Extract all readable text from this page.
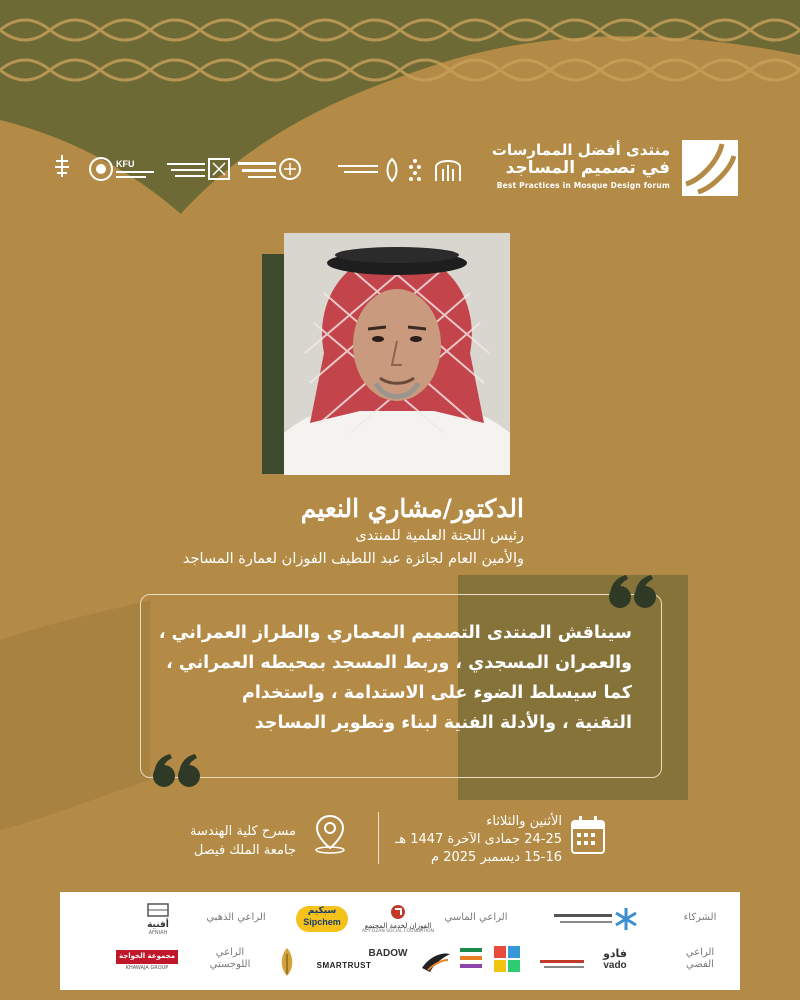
منتدى أفضل الممارسات
في تصميم المساجد
Best Practices in Mosque Design forum
KFU
الدكتور/مشاري النعيم
رئيس اللجنة العلمية للمنتدى
والأمين العام لجائزة عبد اللطيف الفوزان لعمارة المساجد
سيناقش المنتدى التصميم المعماري والطراز العمراني ،
والعمران المسجدي ، وربط المسجد بمحيطه العمراني ،
كما سيسلط الضوء على الاستدامة ، واستخدام
التقنية ، والأدلة الفنية لبناء وتطوير المساجد
الأثنين والثلاثاء
24-25 جمادى الآخرة 1447 هـ
15-16 ديسمبر 2025 م
مسرح كلية الهندسة
جامعة الملك فيصل
الشركاء
الراعي الفضي
الراعي الماسي
الراعي الذهبي
الراعي اللوجستي
الفوزان لخدمة المجتمع
AL FOZAN SOCIAL FOUNDATION
سبكيم
Sipchem
أفنية
AFNIAH
فادو
vado
BADOW
SMARTRUST
مجموعة الخواجة
KHAWAJA GROUP
